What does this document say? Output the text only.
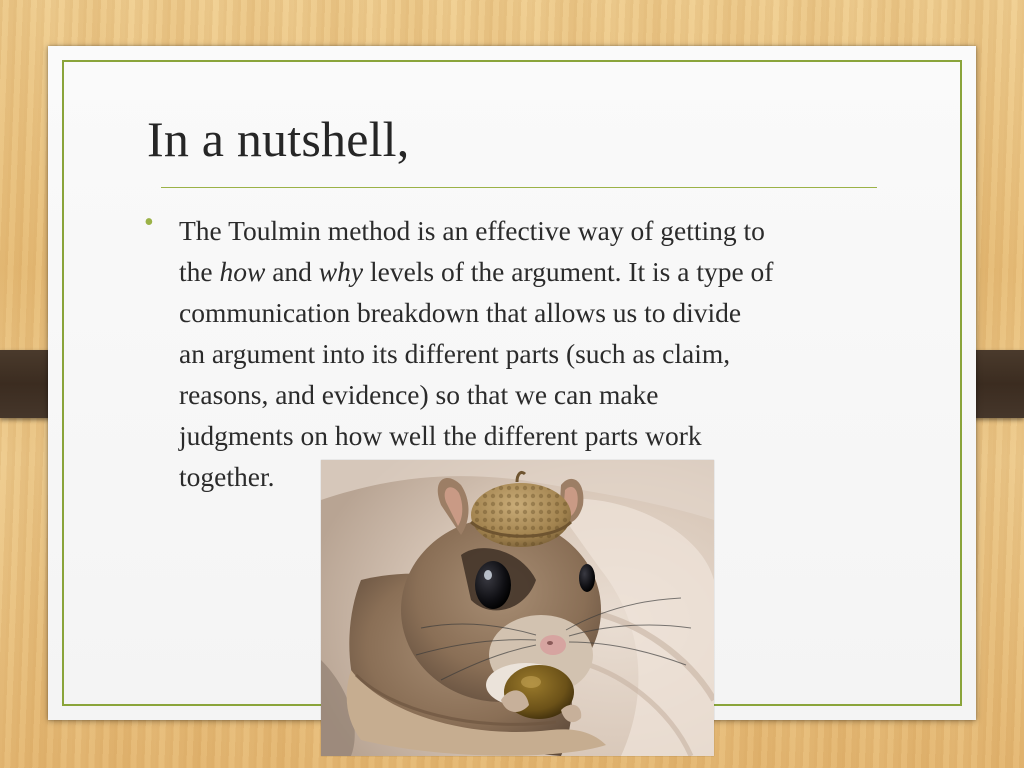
In a nutshell,
• The Toulmin method is an effective way of getting to
the how and why levels of the argument. It is a type of
communication breakdown that allows us to divide
an argument into its different parts (such as claim,
reasons, and evidence) so that we can make
judgments on how well the different parts work
together.
